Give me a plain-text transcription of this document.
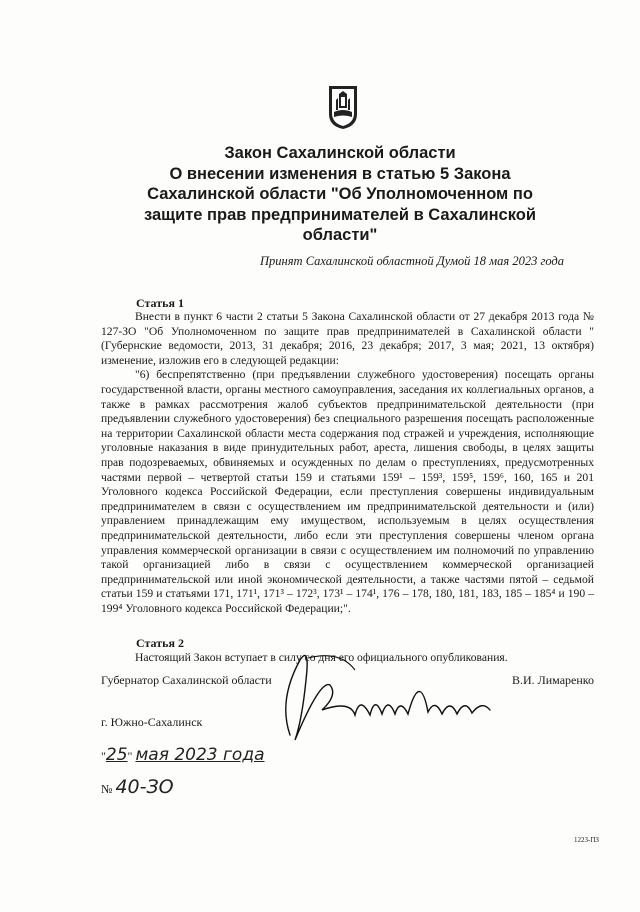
Закон Сахалинской области
О внесении изменения в статью 5 Закона
Сахалинской области "Об Уполномоченном по
защите прав предпринимателей в Сахалинской
области"
Принят Сахалинской областной Думой 18 мая 2023 года
Статья 1

Внести в пункт 6 части 2 статьи 5 Закона Сахалинской области от 27 декабря 2013 года № 127-ЗО "Об Уполномоченном по защите прав предпринимателей в Сахалинской области " (Губернские ведомости, 2013, 31 декабря; 2016, 23 декабря; 2017, 3 мая; 2021, 13 октября) изменение, изложив его в следующей редакции:

"6) беспрепятственно (при предъявлении служебного удостоверения) посещать органы государственной власти, органы местного самоуправления, заседания их коллегиальных органов, а также в рамках рассмотрения жалоб субъектов предпринимательской деятельности (при предъявлении служебного удостоверения) без специального разрешения посещать расположенные на территории Сахалинской области места содержания под стражей и учреждения, исполняющие уголовные наказания в виде принудительных работ, ареста, лишения свободы, в целях защиты прав подозреваемых, обвиняемых и осужденных по делам о преступлениях, предусмотренных частями первой – четвертой статьи 159 и статьями 159¹ – 159³, 159⁵, 159⁶, 160, 165 и 201 Уголовного кодекса Российской Федерации, если преступления совершены индивидуальным предпринимателем в связи с осуществлением им предпринимательской деятельности и (или) управлением принадлежащим ему имуществом, используемым в целях осуществления предпринимательской деятельности, либо если эти преступления совершены членом органа управления коммерческой организации в связи с осуществлением им полномочий по управлению такой организацией либо в связи с осуществлением коммерческой организацией предпринимательской или иной экономической деятельности, а также частями пятой – седьмой статьи 159 и статьями 171, 171¹, 171³ – 172³, 173¹ – 174¹, 176 – 178, 180, 181, 183, 185 – 185⁴ и 190 – 199⁴ Уголовного кодекса Российской Федерации;".

Статья 2

Настоящий Закон вступает в силу со дня его официального опубликования.

Губернатор Сахалинской области	В.И. Лимаренко
г. Южно-Сахалинск
"25" мая 2023 года
№ 40-ЗО
1223-ПЗ
